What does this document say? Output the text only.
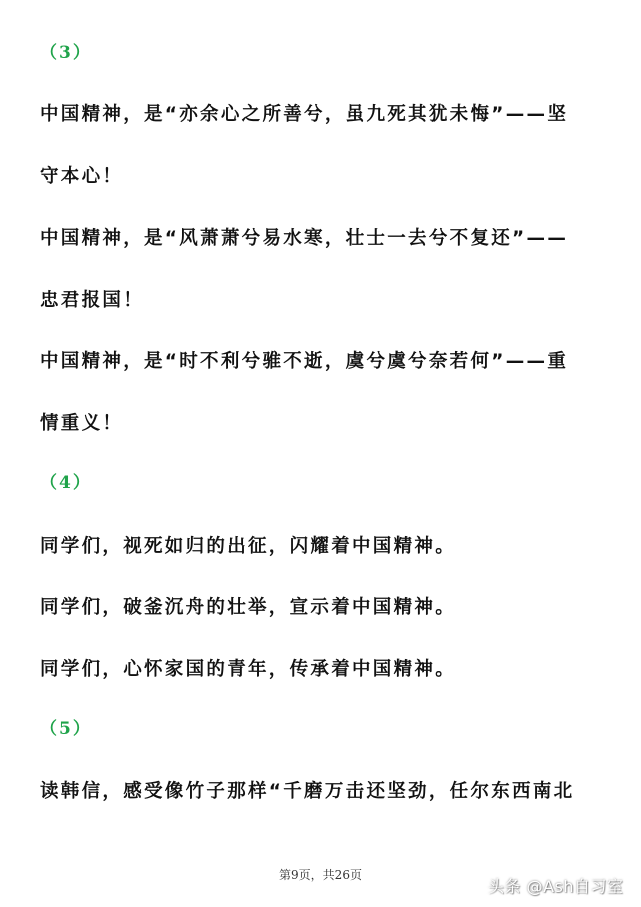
（3）
中国精神，是“亦余心之所善兮，虽九死其犹未悔”——坚
守本心！
中国精神，是“风萧萧兮易水寒，壮士一去兮不复还”——
忠君报国！
中国精神，是“时不利兮骓不逝，虞兮虞兮奈若何”——重
情重义！
（4）
同学们，视死如归的出征，闪耀着中国精神。
同学们，破釜沉舟的壮举，宣示着中国精神。
同学们，心怀家国的青年，传承着中国精神。
（5）
读韩信，感受像竹子那样“千磨万击还坚劲，任尔东西南北
第9页，共26页
头条 @Ash自习室
